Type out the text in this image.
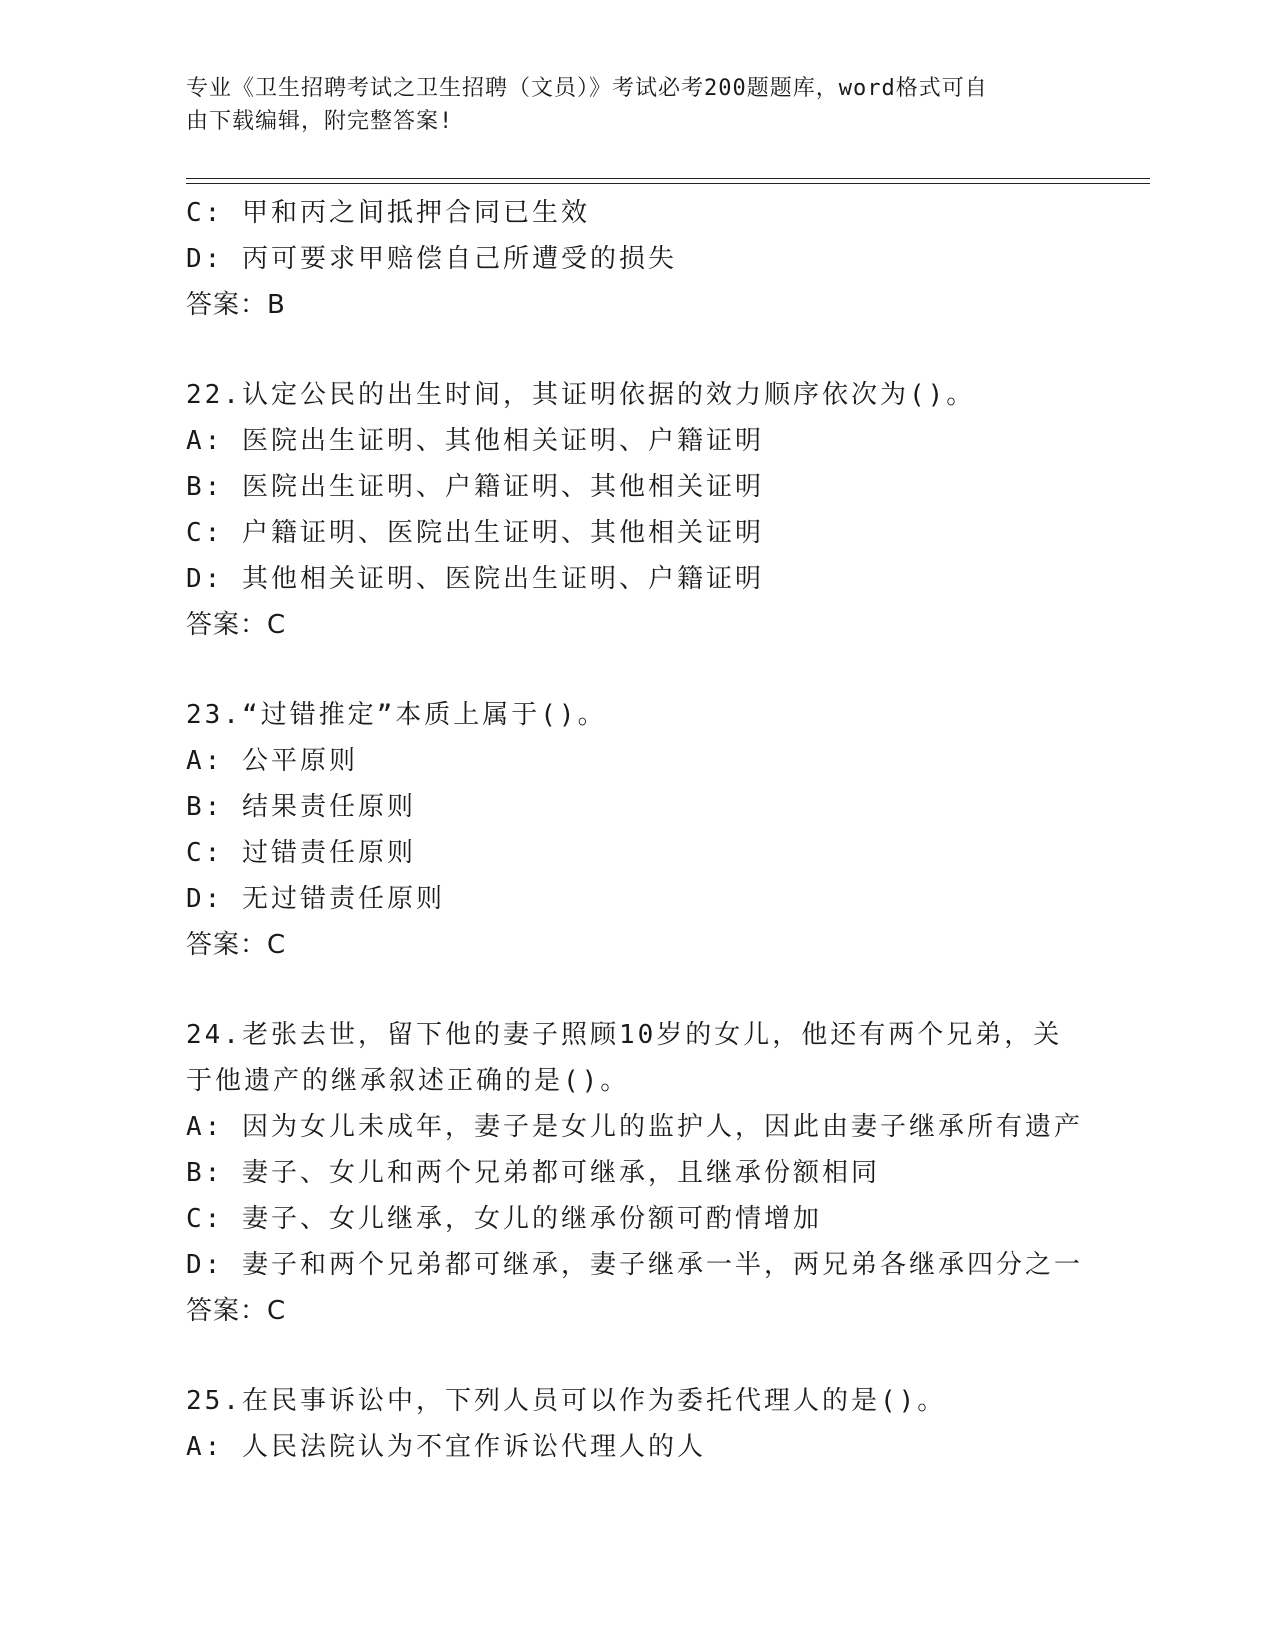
专业《卫生招聘考试之卫生招聘（文员）》考试必考200题题库，word格式可自
由下载编辑，附完整答案!
C: 甲和丙之间抵押合同已生效
D: 丙可要求甲赔偿自己所遭受的损失
答案：B
22.认定公民的出生时间，其证明依据的效力顺序依次为()。
A: 医院出生证明、其他相关证明、户籍证明
B: 医院出生证明、户籍证明、其他相关证明
C: 户籍证明、医院出生证明、其他相关证明
D: 其他相关证明、医院出生证明、户籍证明
答案：C
23.“过错推定”本质上属于()。
A: 公平原则
B: 结果责任原则
C: 过错责任原则
D: 无过错责任原则
答案：C
24.老张去世，留下他的妻子照顾10岁的女儿，他还有两个兄弟，关
于他遗产的继承叙述正确的是()。
A: 因为女儿未成年，妻子是女儿的监护人，因此由妻子继承所有遗产
B: 妻子、女儿和两个兄弟都可继承，且继承份额相同
C: 妻子、女儿继承，女儿的继承份额可酌情增加
D: 妻子和两个兄弟都可继承，妻子继承一半，两兄弟各继承四分之一
答案：C
25.在民事诉讼中，下列人员可以作为委托代理人的是()。
A: 人民法院认为不宜作诉讼代理人的人
